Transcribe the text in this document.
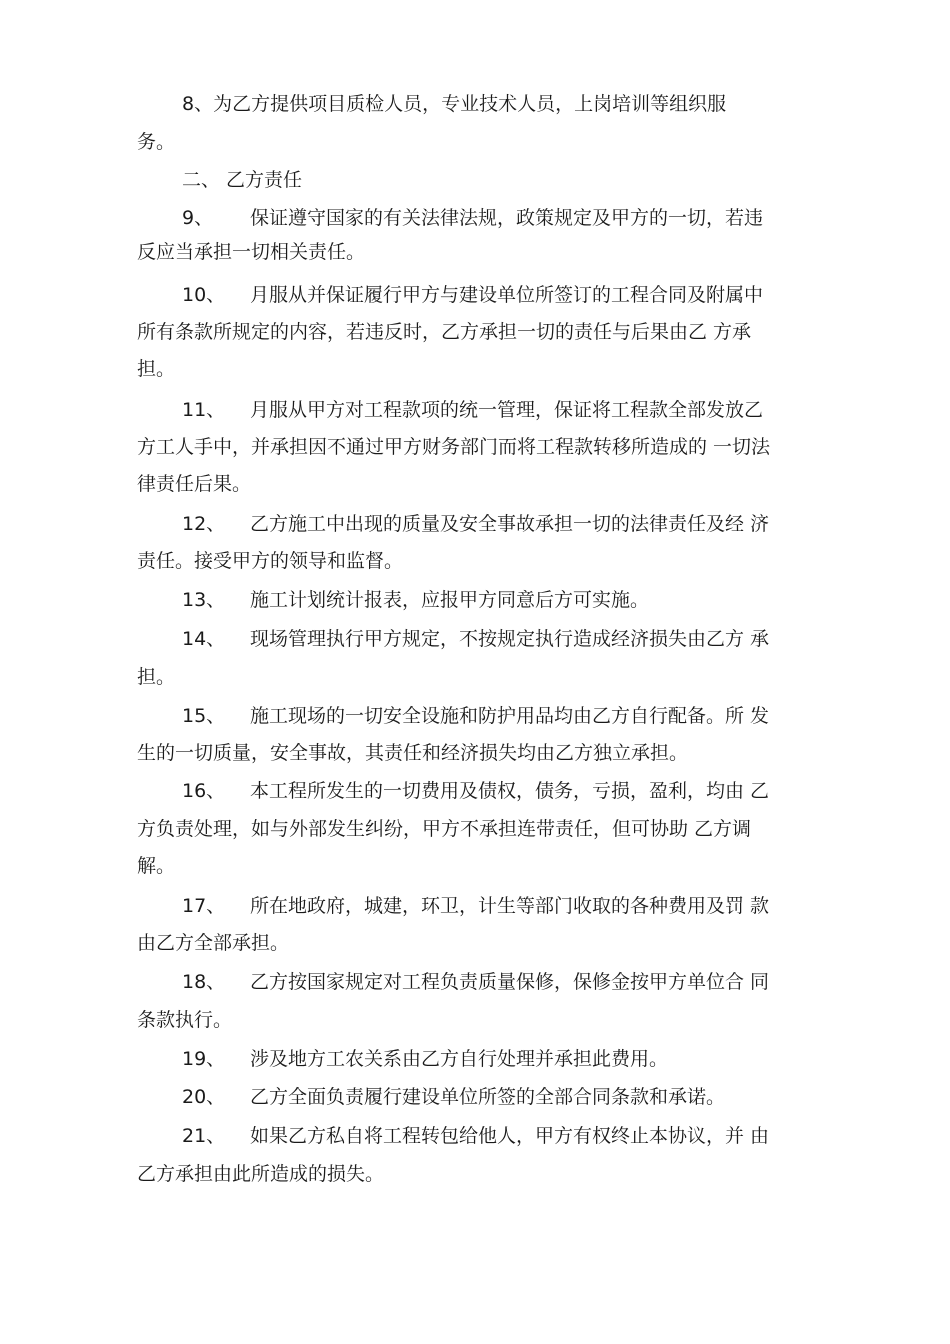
8、为乙方提供项目质检人员，专业技术人员，上岗培训等组织服
务。
二、 乙方责任
9、 保证遵守国家的有关法律法规，政策规定及甲方的一切，若违
反应当承担一切相关责任。
10、 月服从并保证履行甲方与建设单位所签订的工程合同及附属中
所有条款所规定的内容，若违反时，乙方承担一切的责任与后果由乙 方承
担。
11、 月服从甲方对工程款项的统一管理，保证将工程款全部发放乙
方工人手中，并承担因不通过甲方财务部门而将工程款转移所造成的 一切法
律责任后果。
12、 乙方施工中出现的质量及安全事故承担一切的法律责任及经 济
责任。接受甲方的领导和监督。
13、 施工计划统计报表，应报甲方同意后方可实施。
14、 现场管理执行甲方规定，不按规定执行造成经济损失由乙方 承
担。
15、 施工现场的一切安全设施和防护用品均由乙方自行配备。所 发
生的一切质量，安全事故，其责任和经济损失均由乙方独立承担。
16、 本工程所发生的一切费用及债权，债务，亏损，盈利，均由 乙
方负责处理，如与外部发生纠纷，甲方不承担连带责任，但可协助 乙方调
解。
17、 所在地政府，城建，环卫，计生等部门收取的各种费用及罚 款
由乙方全部承担。
18、 乙方按国家规定对工程负责质量保修，保修金按甲方单位合 同
条款执行。
19、 涉及地方工农关系由乙方自行处理并承担此费用。
20、 乙方全面负责履行建设单位所签的全部合同条款和承诺。
21、 如果乙方私自将工程转包给他人，甲方有权终止本协议，并 由
乙方承担由此所造成的损失。
